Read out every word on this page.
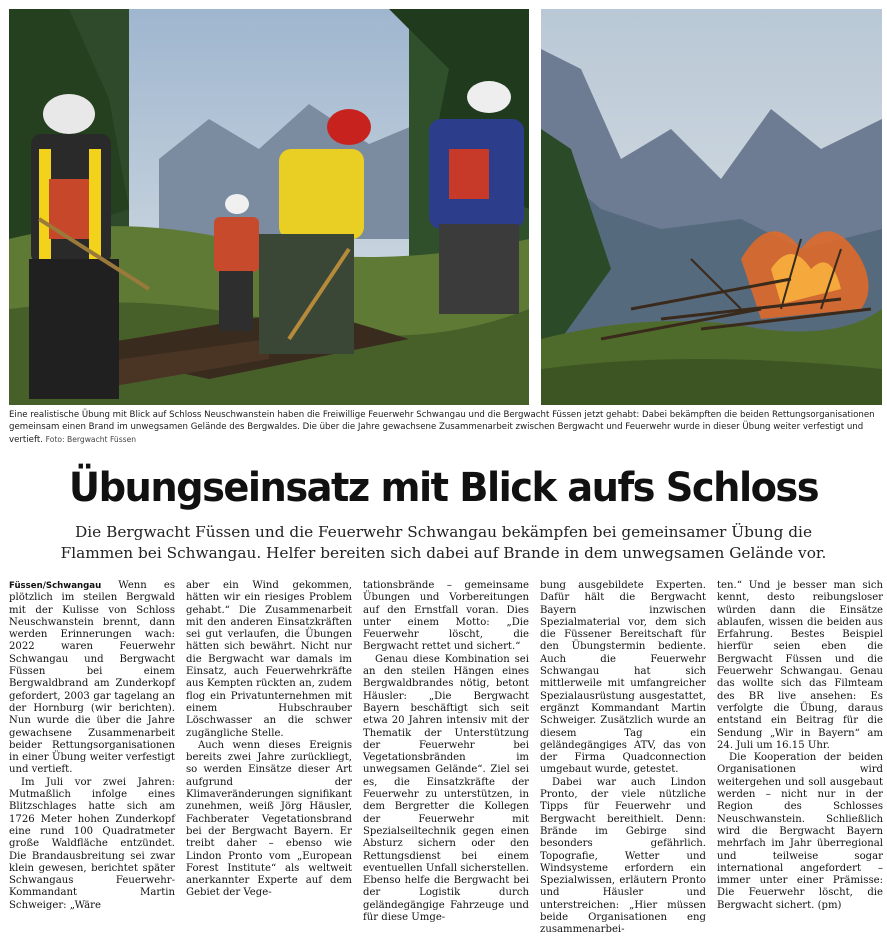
Eine realistische Übung mit Blick auf Schloss Neuschwanstein haben die Freiwillige Feuerwehr Schwangau und die Bergwacht Füssen jetzt gehabt: Dabei bekämpften die beiden Rettungsorganisationen gemeinsam einen Brand im unwegsamen Gelände des Bergwaldes. Die über die Jahre gewachsene Zusammenarbeit zwischen Bergwacht und Feuerwehr wurde in dieser Übung weiter verfestigt und vertieft. Foto: Bergwacht Füssen
Übungseinsatz mit Blick aufs Schloss
Die Bergwacht Füssen und die Feuerwehr Schwangau bekämpfen bei gemeinsamer Übung die Flammen bei Schwangau. Helfer bereiten sich dabei auf Brande in dem unwegsamen Gelände vor.

Füssen/Schwangau Wenn es plötzlich im steilen Bergwald mit der Kulisse von Schloss Neuschwanstein brennt, dann werden Erinnerungen wach: 2022 waren Feuerwehr Schwangau und Bergwacht Füssen bei einem Bergwaldbrand am Zunderkopf gefordert, 2003 gar tagelang an der Hornburg (wir berichten). Nun wurde die über die Jahre gewachsene Zusammenarbeit beider Rettungsorganisationen in einer Übung weiter verfestigt und vertieft.

Im Juli vor zwei Jahren: Mutmaßlich infolge eines Blitzschlages hatte sich am 1726 Meter hohen Zunderkopf eine rund 100 Quadratmeter große Waldfläche entzündet. Die Brandausbreitung sei zwar klein gewesen, berichtet später Schwangaus Feuerwehr-Kommandant Martin Schweiger: „Wäre

aber ein Wind gekommen, hätten wir ein riesiges Problem gehabt.“ Die Zusammenarbeit mit den anderen Einsatzkräften sei gut verlaufen, die Übungen hätten sich bewährt. Nicht nur die Bergwacht war damals im Einsatz, auch Feuerwehrkräfte aus Kempten rückten an, zudem flog ein Privatunternehmen mit einem Hubschrauber Löschwasser an die schwer zugängliche Stelle.

Auch wenn dieses Ereignis bereits zwei Jahre zurückliegt, so werden Einsätze dieser Art aufgrund der Klimaveränderungen signifikant zunehmen, weiß Jörg Häusler, Fachberater Vegetationsbrand bei der Bergwacht Bayern. Er treibt daher – ebenso wie Lindon Pronto vom „European Forest Institute“ als weltweit anerkannter Experte auf dem Gebiet der Vege-

tationsbrände – gemeinsame Übungen und Vorbereitungen auf den Ernstfall voran. Dies unter einem Motto: „Die Feuerwehr löscht, die Bergwacht rettet und sichert.“

Genau diese Kombination sei an den steilen Hängen eines Bergwaldbrandes nötig, betont Häusler: „Die Bergwacht Bayern beschäftigt sich seit etwa 20 Jahren intensiv mit der Thematik der Unterstützung der Feuerwehr bei Vegetationsbränden im unwegsamen Gelände“. Ziel sei es, die Einsatzkräfte der Feuerwehr zu unterstützen, in dem Bergretter die Kollegen der Feuerwehr mit Spezialseiltechnik gegen einen Absturz sichern oder den Rettungsdienst bei einem eventuellen Unfall sicherstellen. Ebenso helfe die Bergwacht bei der Logistik durch geländegängige Fahrzeuge und für diese Umge-

bung ausgebildete Experten. Dafür hält die Bergwacht Bayern inzwischen Spezialmaterial vor, dem sich die Füssener Bereitschaft für den Übungstermin bediente. Auch die Feuerwehr Schwangau hat sich mittlerweile mit umfangreicher Spezialausrüstung ausgestattet, ergänzt Kommandant Martin Schweiger. Zusätzlich wurde an diesem Tag ein geländegängiges ATV, das von der Firma Quadconnection umgebaut wurde, getestet.

Dabei war auch Lindon Pronto, der viele nützliche Tipps für Feuerwehr und Bergwacht bereithielt. Denn: Brände im Gebirge sind besonders gefährlich. Topografie, Wetter und Windsysteme erfordern ein Spezialwissen, erläutern Pronto und Häusler und unterstreichen: „Hier müssen beide Organisationen eng zusammenarbei-

ten.“ Und je besser man sich kennt, desto reibungsloser würden dann die Einsätze ablaufen, wissen die beiden aus Erfahrung. Bestes Beispiel hierfür seien eben die Bergwacht Füssen und die Feuerwehr Schwangau. Genau das wollte sich das Filmteam des BR live ansehen: Es verfolgte die Übung, daraus entstand ein Beitrag für die Sendung „Wir in Bayern“ am 24. Juli um 16.15 Uhr.

Die Kooperation der beiden Organisationen wird weitergehen und soll ausgebaut werden – nicht nur in der Region des Schlosses Neuschwanstein. Schließlich wird die Bergwacht Bayern mehrfach im Jahr überregional und teilweise sogar international angefordert – immer unter einer Prämisse: Die Feuerwehr löscht, die Bergwacht sichert. (pm)
